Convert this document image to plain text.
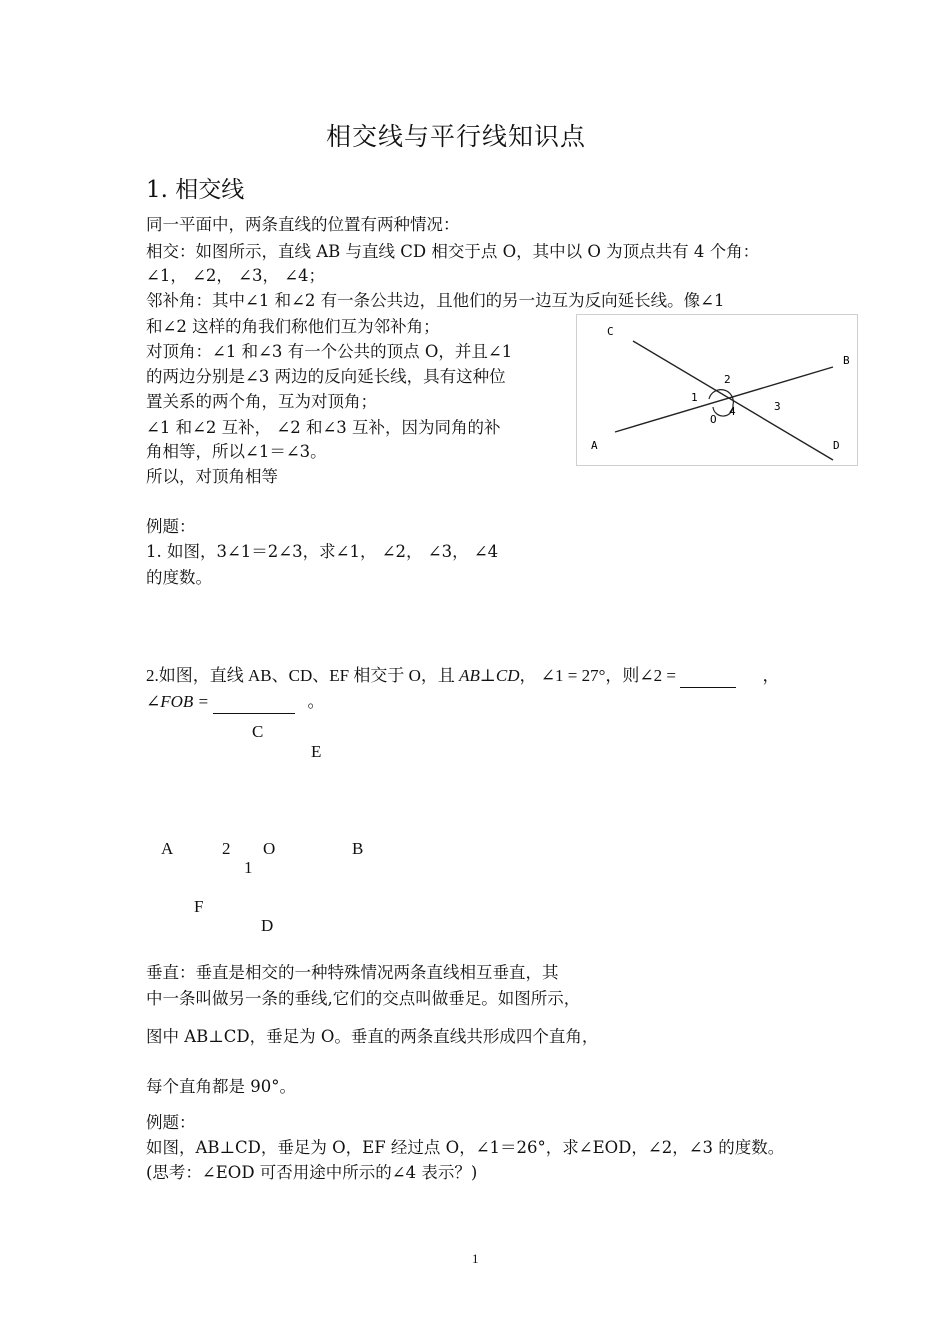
相交线与平行线知识点
1. 相交线
同一平面中，两条直线的位置有两种情况：
相交：如图所示，直线 AB 与直线 CD 相交于点 O，其中以 O 为顶点共有 4 个角：
∠1， ∠2， ∠3， ∠4；
邻补角：其中∠1 和∠2 有一条公共边，且他们的另一边互为反向延长线。像∠1
和∠2 这样的角我们称他们互为邻补角；
对顶角：∠1 和∠3 有一个公共的顶点 O，并且∠1
的两边分别是∠3 两边的反向延长线，具有这种位
置关系的两个角，互为对顶角；
∠1 和∠2 互补， ∠2 和∠3 互补，因为同角的补
角相等，所以∠1＝∠3。
所以，对顶角相等
C
B
A	D
O
1
2
3
4
例题：
1. 如图，3∠1＝2∠3，求∠1， ∠2， ∠3， ∠4
的度数。
2.如图，直线 AB、CD、EF 相交于 O，且 AB⊥CD， ∠1 = 27°，则∠2 =	，
∠FOB =	。
C
E
A	2 O	B
1
F
D
垂直：垂直是相交的一种特殊情况两条直线相互垂直，其
中一条叫做另一条的垂线,它们的交点叫做垂足。如图所示，
图中 AB⊥CD，垂足为 O。垂直的两条直线共形成四个直角，
每个直角都是 90°。
例题：
如图，AB⊥CD，垂足为 O，EF 经过点 O，∠1＝26°，求∠EOD，∠2，∠3 的度数。
(思考：∠EOD 可否用途中所示的∠4 表示？)
1
